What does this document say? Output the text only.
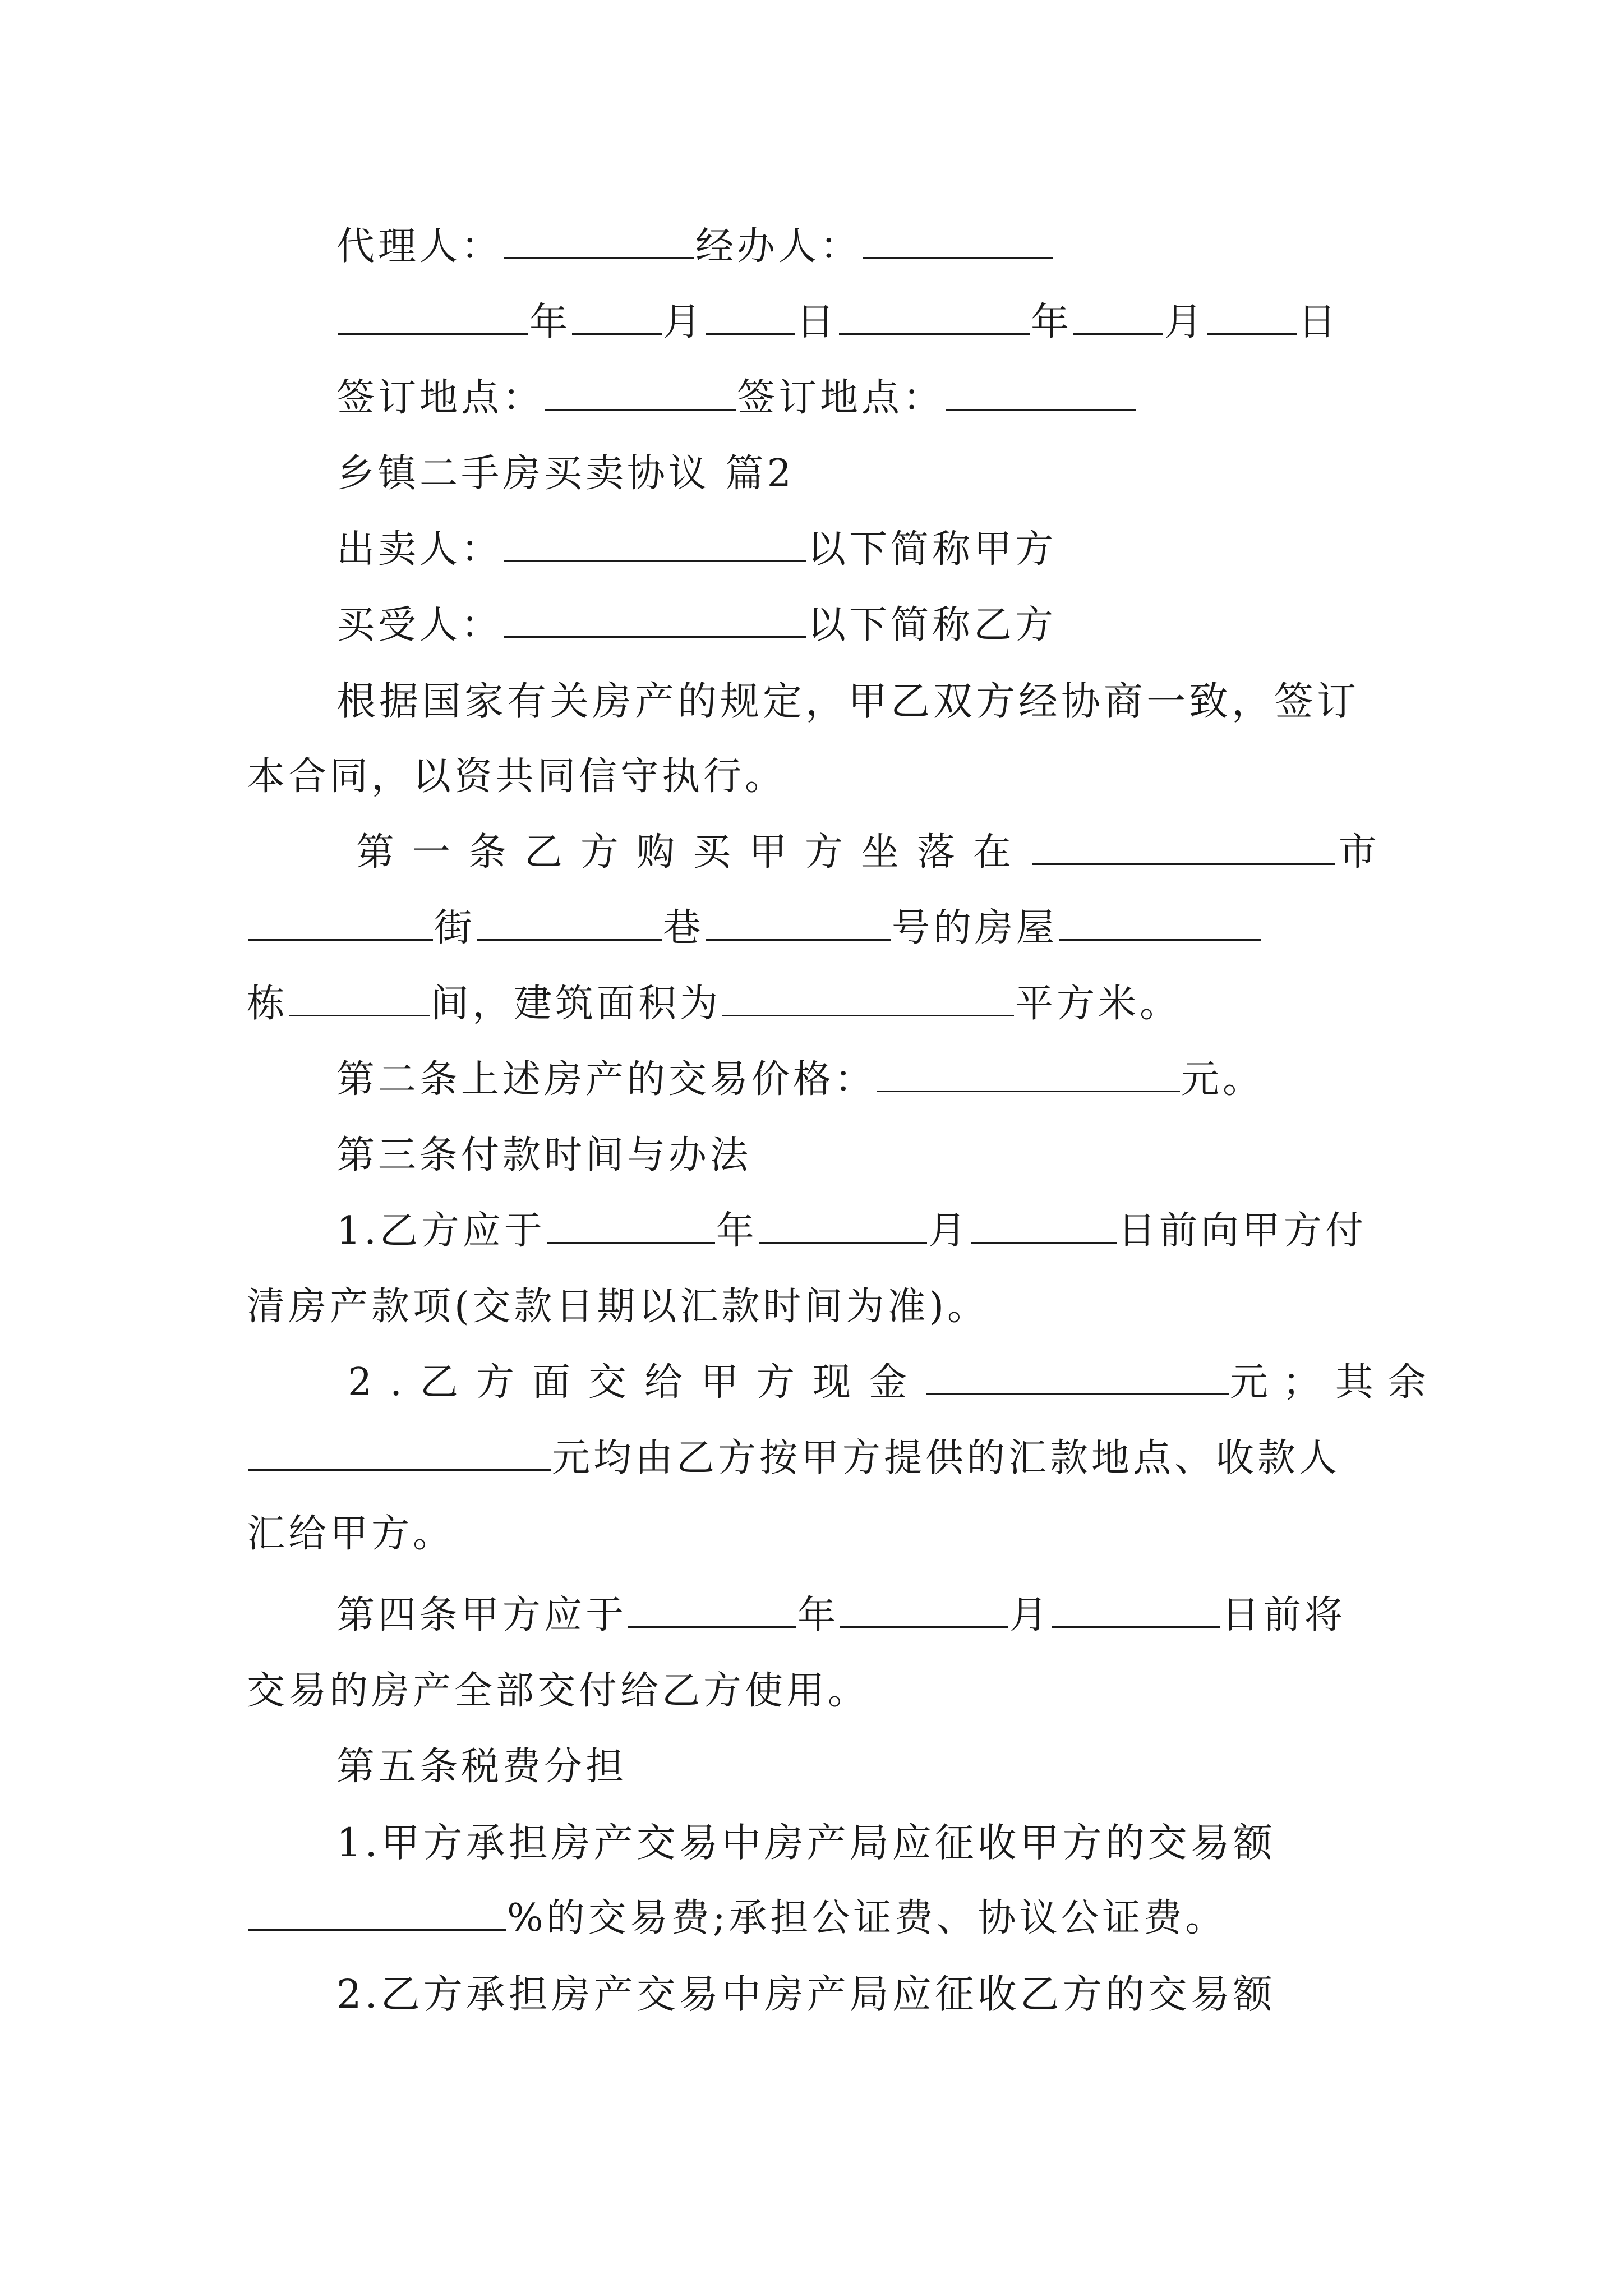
代理人：	经办人：
年 月 日	年 月 日
签订地点：	签订地点：
乡镇二手房买卖协议 篇2
出卖人：	以下简称甲方
买受人：	以下简称乙方
根据国家有关房产的规定，甲乙双方经协商一致，签订
本合同，以资共同信守执行。
第一条乙方购买甲方坐落在	市
街	巷	号的房屋
栋	间，建筑面积为	平方米。
第二条上述房产的交易价格：	元。
第三条付款时间与办法
1.乙方应于	年	月	日前向甲方付
清房产款项(交款日期以汇款时间为准)。
2.乙方面交给甲方现金	元；其余
元均由乙方按甲方提供的汇款地点、收款人
汇给甲方。
第四条甲方应于	年	月	日前将
交易的房产全部交付给乙方使用。
第五条税费分担
1.甲方承担房产交易中房产局应征收甲方的交易额
%的交易费;承担公证费、协议公证费。
2.乙方承担房产交易中房产局应征收乙方的交易额
